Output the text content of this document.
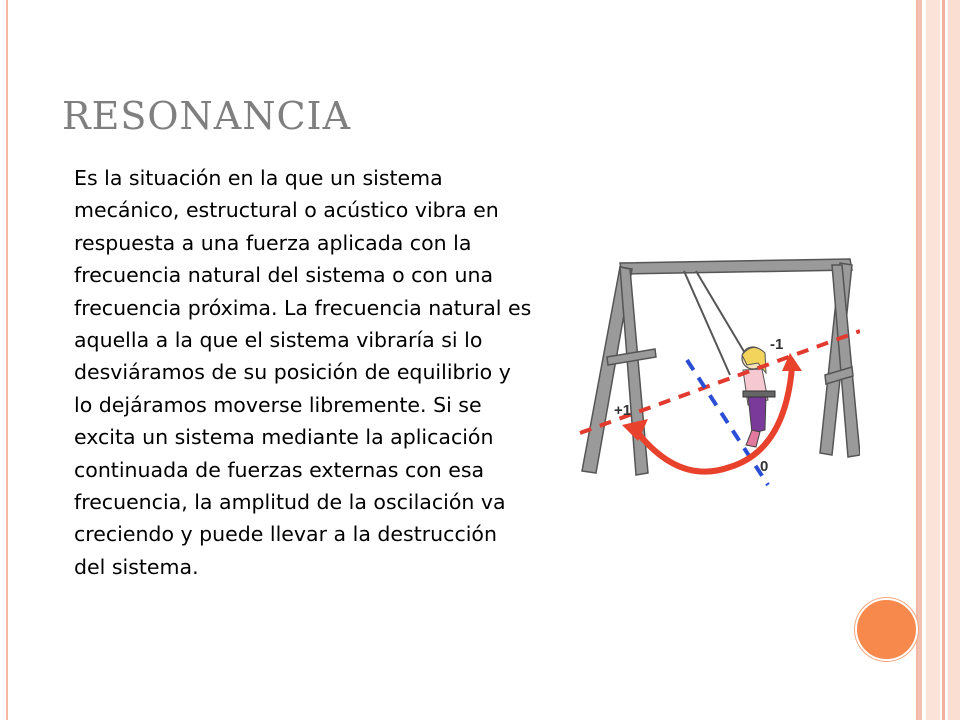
RESONANCIA

Es la situación en la que un sistema mecánico, estructural o acústico vibra en respuesta a una fuerza aplicada con la frecuencia natural del sistema o con una frecuencia próxima. La frecuencia natural es aquella a la que el sistema vibraría si lo desviáramos de su posición de equilibrio y lo dejáramos moverse libremente. Si se excita un sistema mediante la aplicación continuada de fuerzas externas con esa frecuencia, la amplitud de la oscilación va creciendo y puede llevar a la destrucción del sistema.

-1
+1
0
